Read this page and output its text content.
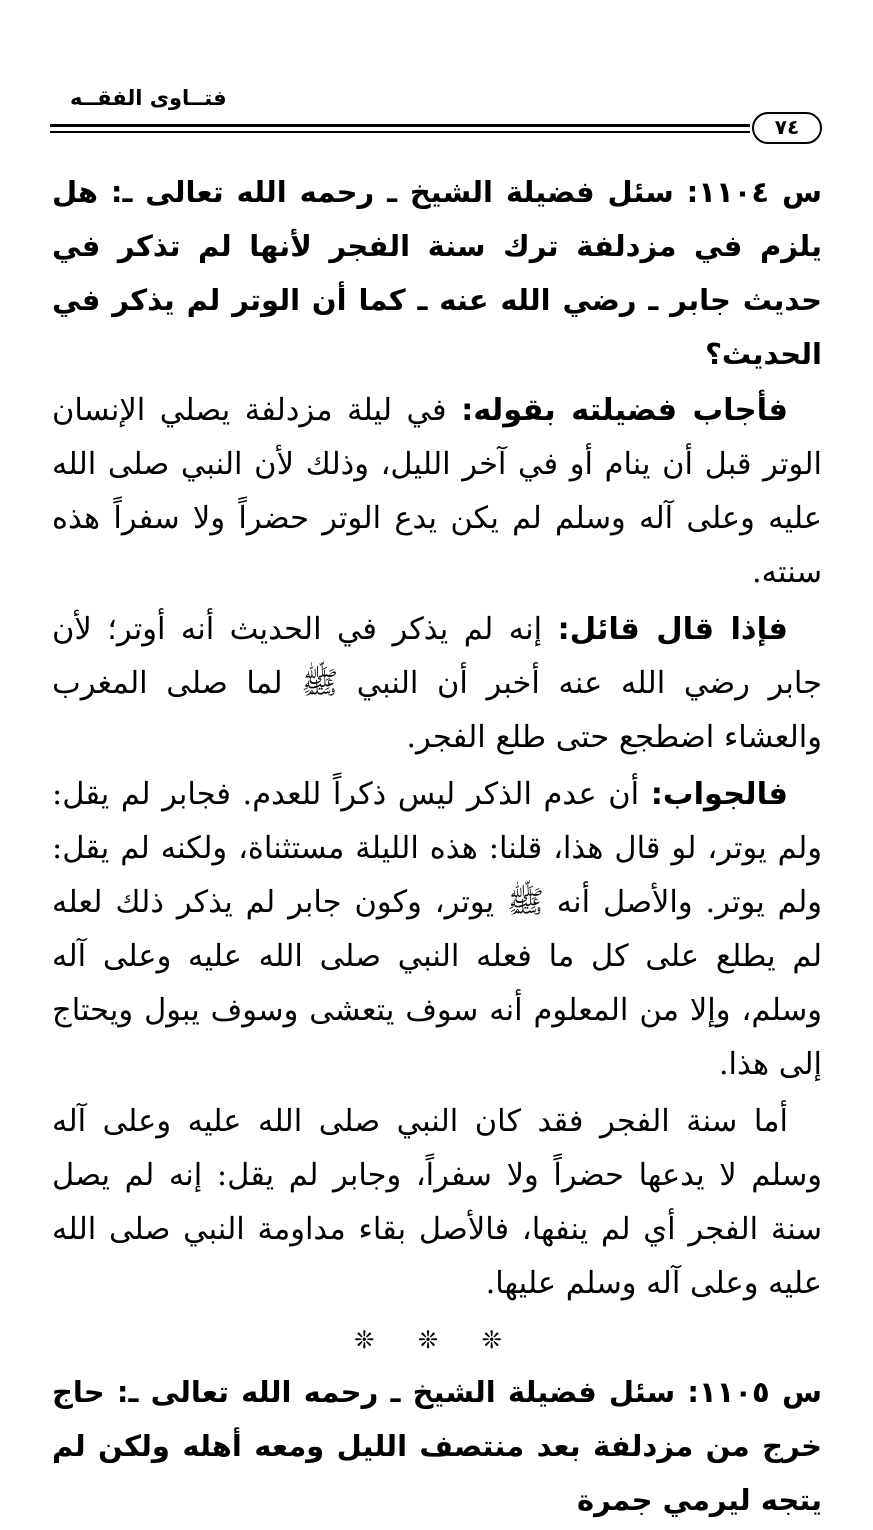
فتــاوى الفقــه
٧٤

س ١١٠٤: سئل فضيلة الشيخ ـ رحمه الله تعالى ـ: هل يلزم في مزدلفة ترك سنة الفجر لأنها لم تذكر في حديث جابر ـ رضي الله عنه ـ كما أن الوتر لم يذكر في الحديث؟

فأجاب فضيلته بقوله: في ليلة مزدلفة يصلي الإنسان الوتر قبل أن ينام أو في آخر الليل، وذلك لأن النبي صلى الله عليه وعلى آله وسلم لم يكن يدع الوتر حضراً ولا سفراً هذه سنته.

فإذا قال قائل: إنه لم يذكر في الحديث أنه أوتر؛ لأن جابر رضي الله عنه أخبر أن النبي ﷺ لما صلى المغرب والعشاء اضطجع حتى طلع الفجر.

فالجواب: أن عدم الذكر ليس ذكراً للعدم. فجابر لم يقل: ولم يوتر، لو قال هذا، قلنا: هذه الليلة مستثناة، ولكنه لم يقل: ولم يوتر. والأصل أنه ﷺ يوتر، وكون جابر لم يذكر ذلك لعله لم يطلع على كل ما فعله النبي صلى الله عليه وعلى آله وسلم، وإلا من المعلوم أنه سوف يتعشى وسوف يبول ويحتاج إلى هذا.

أما سنة الفجر فقد كان النبي صلى الله عليه وعلى آله وسلم لا يدعها حضراً ولا سفراً، وجابر لم يقل: إنه لم يصل سنة الفجر أي لم ينفها، فالأصل بقاء مداومة النبي صلى الله عليه وعلى آله وسلم عليها.

❊ ❊ ❊

س ١١٠٥: سئل فضيلة الشيخ ـ رحمه الله تعالى ـ: حاج خرج من مزدلفة بعد منتصف الليل ومعه أهله ولكن لم يتجه ليرمي جمرة
